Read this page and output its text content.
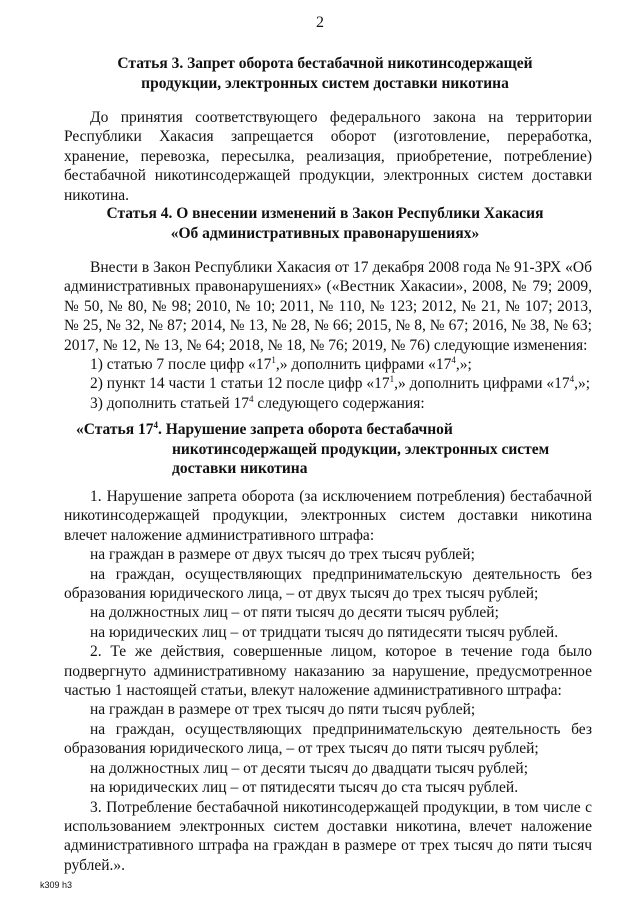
2
Статья 3. Запрет оборота бестабачной никотинсодержащей
продукции, электронных систем доставки никотина

До принятия соответствующего федерального закона на территории Республики Хакасия запрещается оборот (изготовление, переработка, хранение, перевозка, пересылка, реализация, приобретение, потребление) бестабачной никотинсодержащей продукции, электронных систем доставки никотина.

Статья 4. О внесении изменений в Закон Республики Хакасия
«Об административных правонарушениях»

Внести в Закон Республики Хакасия от 17 декабря 2008 года № 91-ЗРХ «Об административных правонарушениях» («Вестник Хакасии», 2008, № 79; 2009, № 50, № 80, № 98; 2010, № 10; 2011, № 110, № 123; 2012, № 21, № 107; 2013, № 25, № 32, № 87; 2014, № 13, № 28, № 66; 2015, № 8, № 67; 2016, № 38, № 63; 2017, № 12, № 13, № 64; 2018, № 18, № 76; 2019, № 76) следующие изменения:

1) статью 7 после цифр «$17^1$,» дополнить цифрами «$17^4$,»;

2) пункт 14 части 1 статьи 12 после цифр «$17^1$,» дополнить цифрами «$17^4$,»;

3) дополнить статьей $17^4$ следующего содержания:

«Статья $17^4$. Нарушение запрета оборота бестабачной
никотинсодержащей продукции, электронных систем
доставки никотина

1. Нарушение запрета оборота (за исключением потребления) бестабачной никотинсодержащей продукции, электронных систем доставки никотина влечет наложение административного штрафа:

на граждан в размере от двух тысяч до трех тысяч рублей;

на граждан, осуществляющих предпринимательскую деятельность без образования юридического лица, – от двух тысяч до трех тысяч рублей;

на должностных лиц – от пяти тысяч до десяти тысяч рублей;

на юридических лиц – от тридцати тысяч до пятидесяти тысяч рублей.

2. Те же действия, совершенные лицом, которое в течение года было подвергнуто административному наказанию за нарушение, предусмотренное частью 1 настоящей статьи, влекут наложение административного штрафа:

на граждан в размере от трех тысяч до пяти тысяч рублей;

на граждан, осуществляющих предпринимательскую деятельность без образования юридического лица, – от трех тысяч до пяти тысяч рублей;

на должностных лиц – от десяти тысяч до двадцати тысяч рублей;

на юридических лиц – от пятидесяти тысяч до ста тысяч рублей.

3. Потребление бестабачной никотинсодержащей продукции, в том числе с использованием электронных систем доставки никотина, влечет наложение административного штрафа на граждан в размере от трех тысяч до пяти тысяч рублей.».

k309 h3
